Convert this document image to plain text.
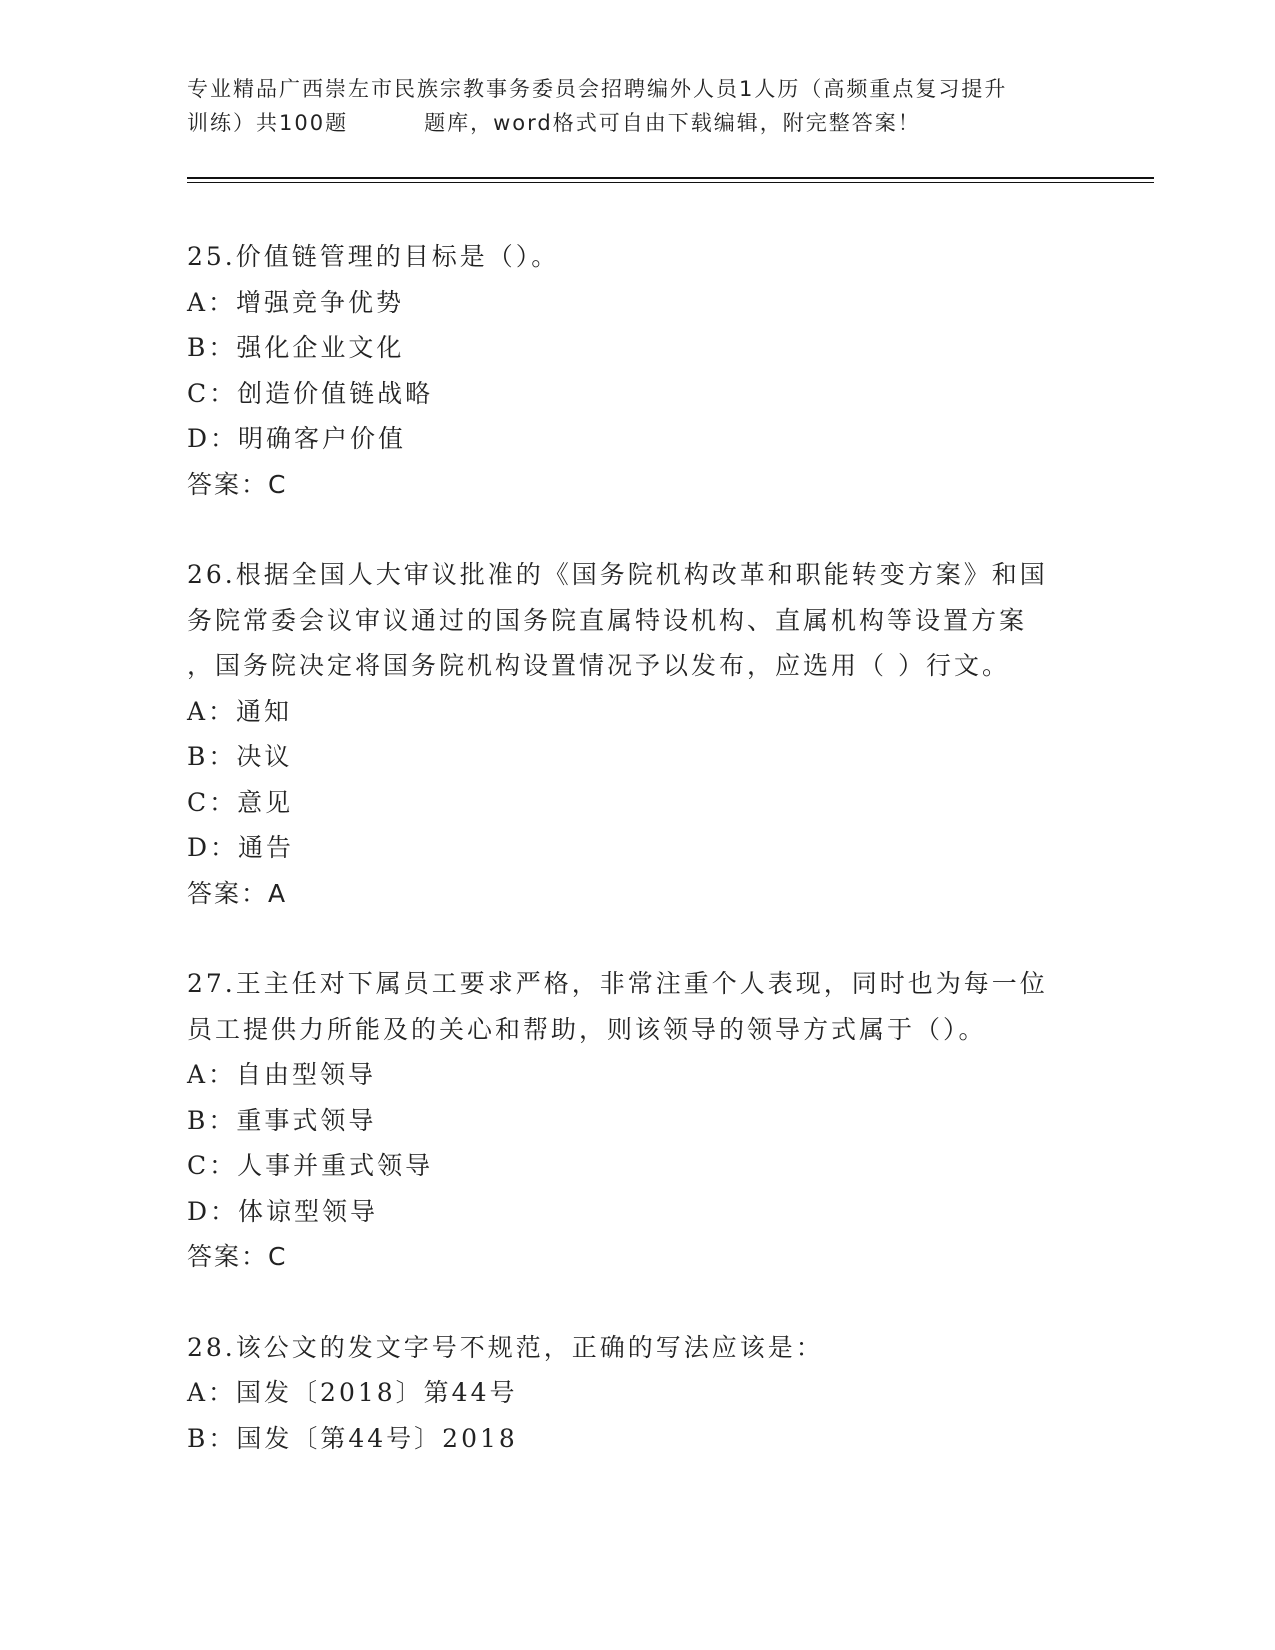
专业精品广西崇左市民族宗教事务委员会招聘编外人员1人历（高频重点复习提升
训练）共100题	题库，word格式可自由下载编辑，附完整答案！
25.价值链管理的目标是（）。
A：增强竞争优势
B：强化企业文化
C：创造价值链战略
D：明确客户价值
答案：C
26.根据全国人大审议批准的《国务院机构改革和职能转变方案》和国
务院常委会议审议通过的国务院直属特设机构、直属机构等设置方案
，国务院决定将国务院机构设置情况予以发布，应选用（ ）行文。
A：通知
B：决议
C：意见
D：通告
答案：A
27.王主任对下属员工要求严格，非常注重个人表现，同时也为每一位
员工提供力所能及的关心和帮助，则该领导的领导方式属于（）。
A：自由型领导
B：重事式领导
C：人事并重式领导
D：体谅型领导
答案：C
28.该公文的发文字号不规范，正确的写法应该是：
A：国发〔2018〕第44号
B：国发〔第44号〕2018
